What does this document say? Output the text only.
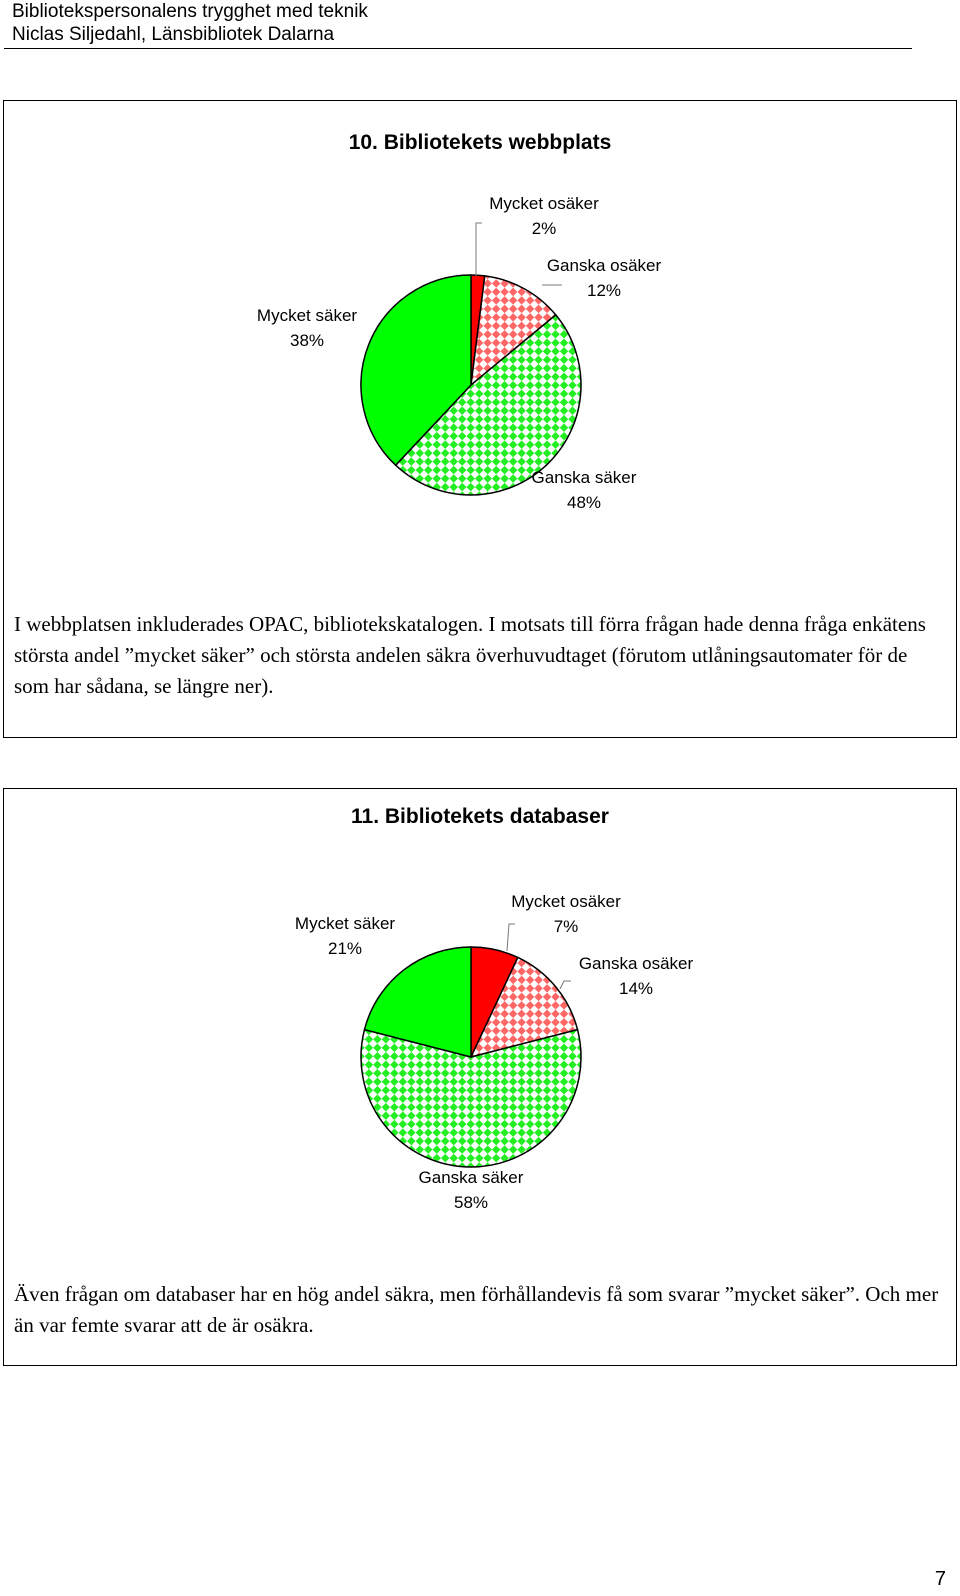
Bibliotekspersonalens trygghet med teknik
Niclas Siljedahl, Länsbibliotek Dalarna
10. Bibliotekets webbplats
Mycket osäker
2%
Ganska osäker
12%
Ganska säker
48%
Mycket säker
38%
I webbplatsen inkluderades OPAC, bibliotekskatalogen. I motsats till förra frågan hade denna fråga enkätens största andel ”mycket säker” och största andelen säkra överhuvudtaget (förutom utlåningsautomater för de som har sådana, se längre ner).
11. Bibliotekets databaser
Mycket osäker
7%
Ganska osäker
14%
Ganska säker
58%
Mycket säker
21%
Även frågan om databaser har en hög andel säkra, men förhållandevis få som svarar ”mycket säker”. Och mer än var femte svarar att de är osäkra.
7
